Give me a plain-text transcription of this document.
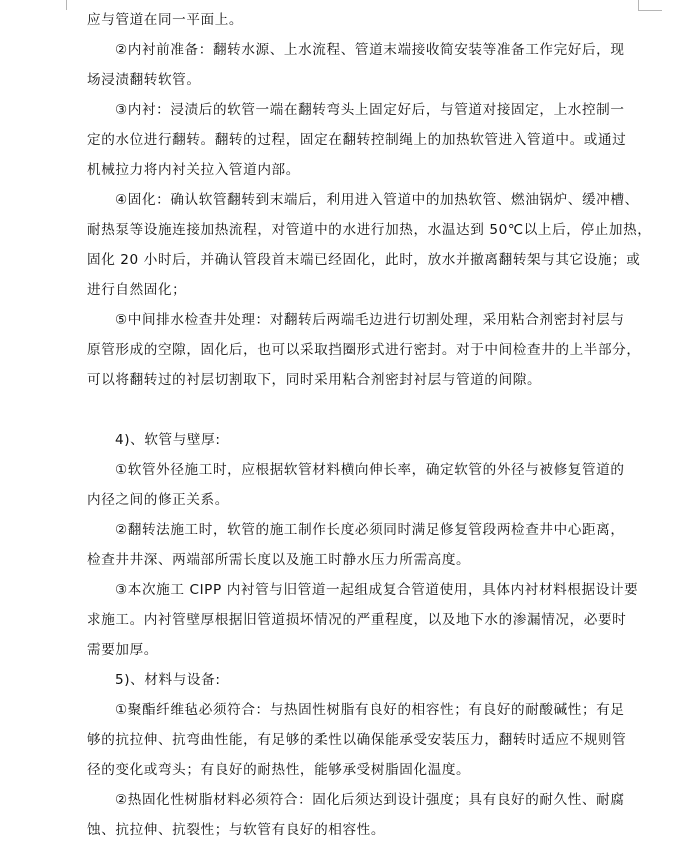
应与管道在同一平面上。
②内衬前准备：翻转水源、上水流程、管道末端接收简安装等准备工作完好后，现
场浸渍翻转软管。
③内衬：浸渍后的软管一端在翻转弯头上固定好后，与管道对接固定，上水控制一
定的水位进行翻转。翻转的过程，固定在翻转控制绳上的加热软管进入管道中。或通过
机械拉力将内衬关拉入管道内部。
④固化：确认软管翻转到末端后，利用进入管道中的加热软管、燃油锅炉、缓冲槽、
耐热泵等设施连接加热流程，对管道中的水进行加热，水温达到 50℃以上后，停止加热，
固化 20 小时后，并确认管段首末端已经固化，此时，放水并撤离翻转架与其它设施；或
进行自然固化；
⑤中间排水检查井处理：对翻转后两端毛边进行切割处理，采用粘合剂密封衬层与
原管形成的空隙，固化后，也可以采取挡圈形式进行密封。对于中间检查井的上半部分，
可以将翻转过的衬层切割取下，同时采用粘合剂密封衬层与管道的间隙。
4)、软管与壁厚:
①软管外径施工时，应根据软管材料横向伸长率，确定软管的外径与被修复管道的
内径之间的修正关系。
②翻转法施工时，软管的施工制作长度必须同时满足修复管段两检查井中心距离，
检查井井深、两端部所需长度以及施工时静水压力所需高度。
③本次施工 CIPP 内衬管与旧管道一起组成复合管道使用，具体内衬材料根据设计要
求施工。内衬管壁厚根据旧管道损坏情况的严重程度，以及地下水的渗漏情况，必要时
需要加厚。
5)、材料与设备:
①聚酯纤维毡必须符合：与热固性树脂有良好的相容性；有良好的耐酸碱性；有足
够的抗拉伸、抗弯曲性能，有足够的柔性以确保能承受安装压力，翻转时适应不规则管
径的变化或弯头；有良好的耐热性，能够承受树脂固化温度。
②热固化性树脂材料必须符合：固化后须达到设计强度；具有良好的耐久性、耐腐
蚀、抗拉伸、抗裂性；与软管有良好的相容性。
